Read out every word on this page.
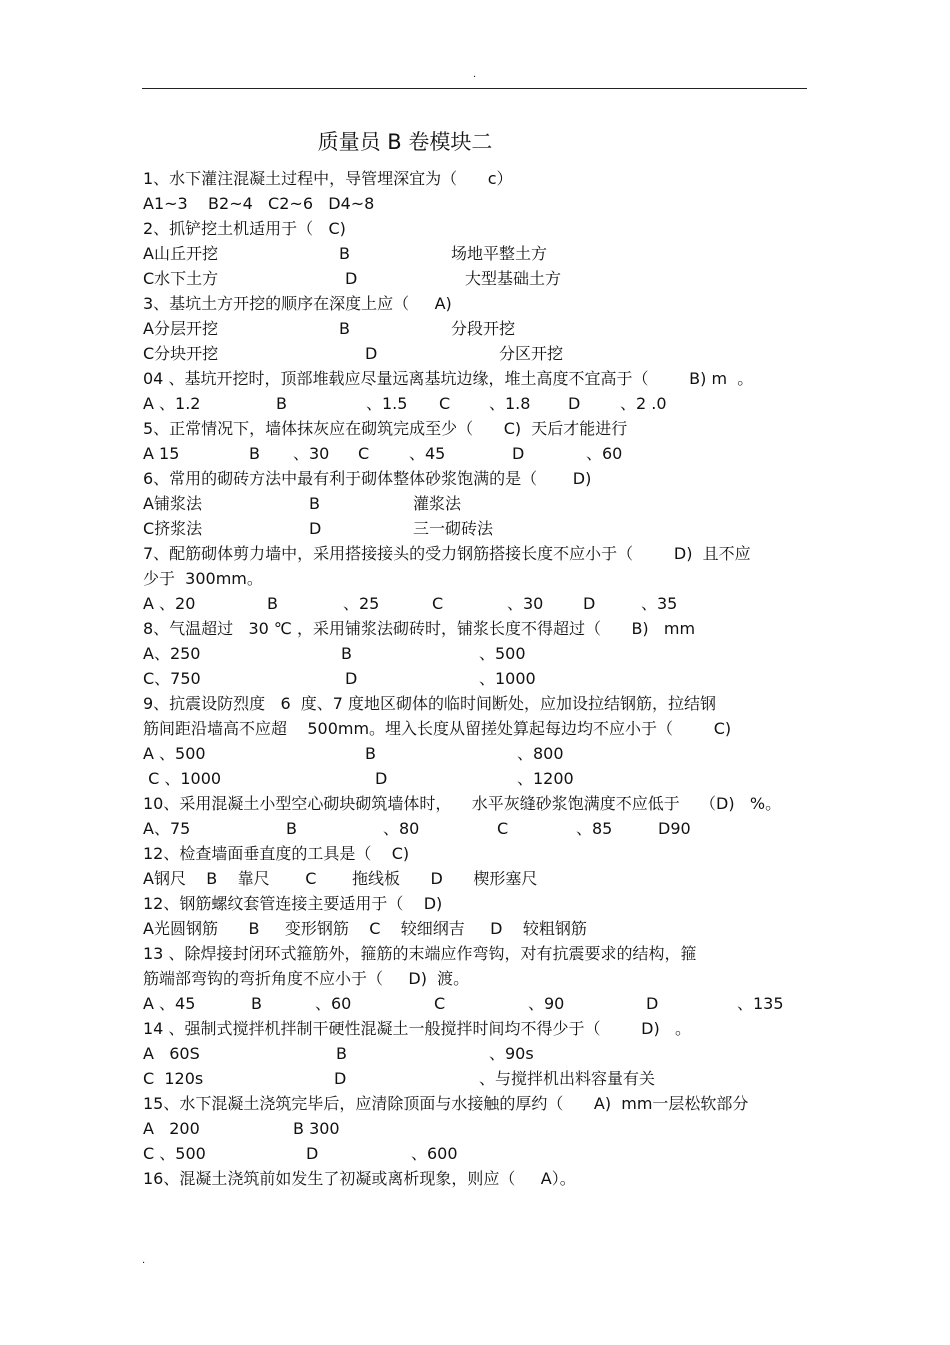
.
质量员 B 卷模块二
1、水下灌注混凝土过程中，导管埋深宜为（      c）
A1~3    B2~4   C2~6   D4~8
2、抓铲挖土机适用于（   C)
A山丘开挖	B	场地平整土方
C水下土方	D	大型基础土方
3、基坑土方开挖的顺序在深度上应（     A)
A分层开挖	B	分段开挖
C分块开挖	D	分区开挖
04 、基坑开挖时，顶部堆载应尽量远离基坑边缘，堆土高度不宜高于（        B) m  。
A 、1.2	B	、1.5 C 、1.8 D 、2 .0
5、正常情况下，墙体抹灰应在砌筑完成至少（      C)  天后才能进行
A 15	B 、30 C 、45	D	、60
6、常用的砌砖方法中最有利于砌体整体砂浆饱满的是（       D)
A铺浆法	B	灌浆法
C挤浆法	D	三一砌砖法
7、配筋砌体剪力墙中，采用搭接接头的受力钢筋搭接长度不应小于（        D)  且不应
少于  300mm。
A 、20	B	、25	C	、30 D	、35
8、气温超过   30 ℃ ，采用铺浆法砌砖时，铺浆长度不得超过（      B)   mm
A、250	B	、500
C、750	D	、1000
9、抗震设防烈度   6  度、7 度地区砌体的临时间断处，应加设拉结钢筋，拉结钢
筋间距沿墙高不应超    500mm。埋入长度从留搓处算起每边均不应小于（        C)
A 、500	B	、800
C 、1000	D	、1200
10、采用混凝土小型空心砌块砌筑墙体时，    水平灰缝砂浆饱满度不应低于    （D)   %。
A、75	B	、80	C	、85	D90
12、检查墙面垂直度的工具是（    C)
A钢尺    B    靠尺       C       拖线板      D      楔形塞尺
12、钢筋螺纹套管连接主要适用于（    D)
A光圆钢筋      B     变形钢筋    C    较细纲吉     D    较粗钢筋
13 、除焊接封闭环式箍筋外，箍筋的末端应作弯钩，对有抗震要求的结构，箍
筋端部弯钩的弯折角度不应小于（     D)  渡。
A 、45	B	、60	C	、90	D	、135
14 、强制式搅拌机拌制干硬性混凝土一般搅拌时间均不得少于（        D)   。
A   60S	B	、90s
C  120s	D	、与搅拌机出料容量有关
15、水下混凝土浇筑完毕后，应清除顶面与水接触的厚约（      A)  mm一层松软部分
A   200	B 300
C 、500	D	、600
16、混凝土浇筑前如发生了初凝或离析现象，则应（     A）。
.
